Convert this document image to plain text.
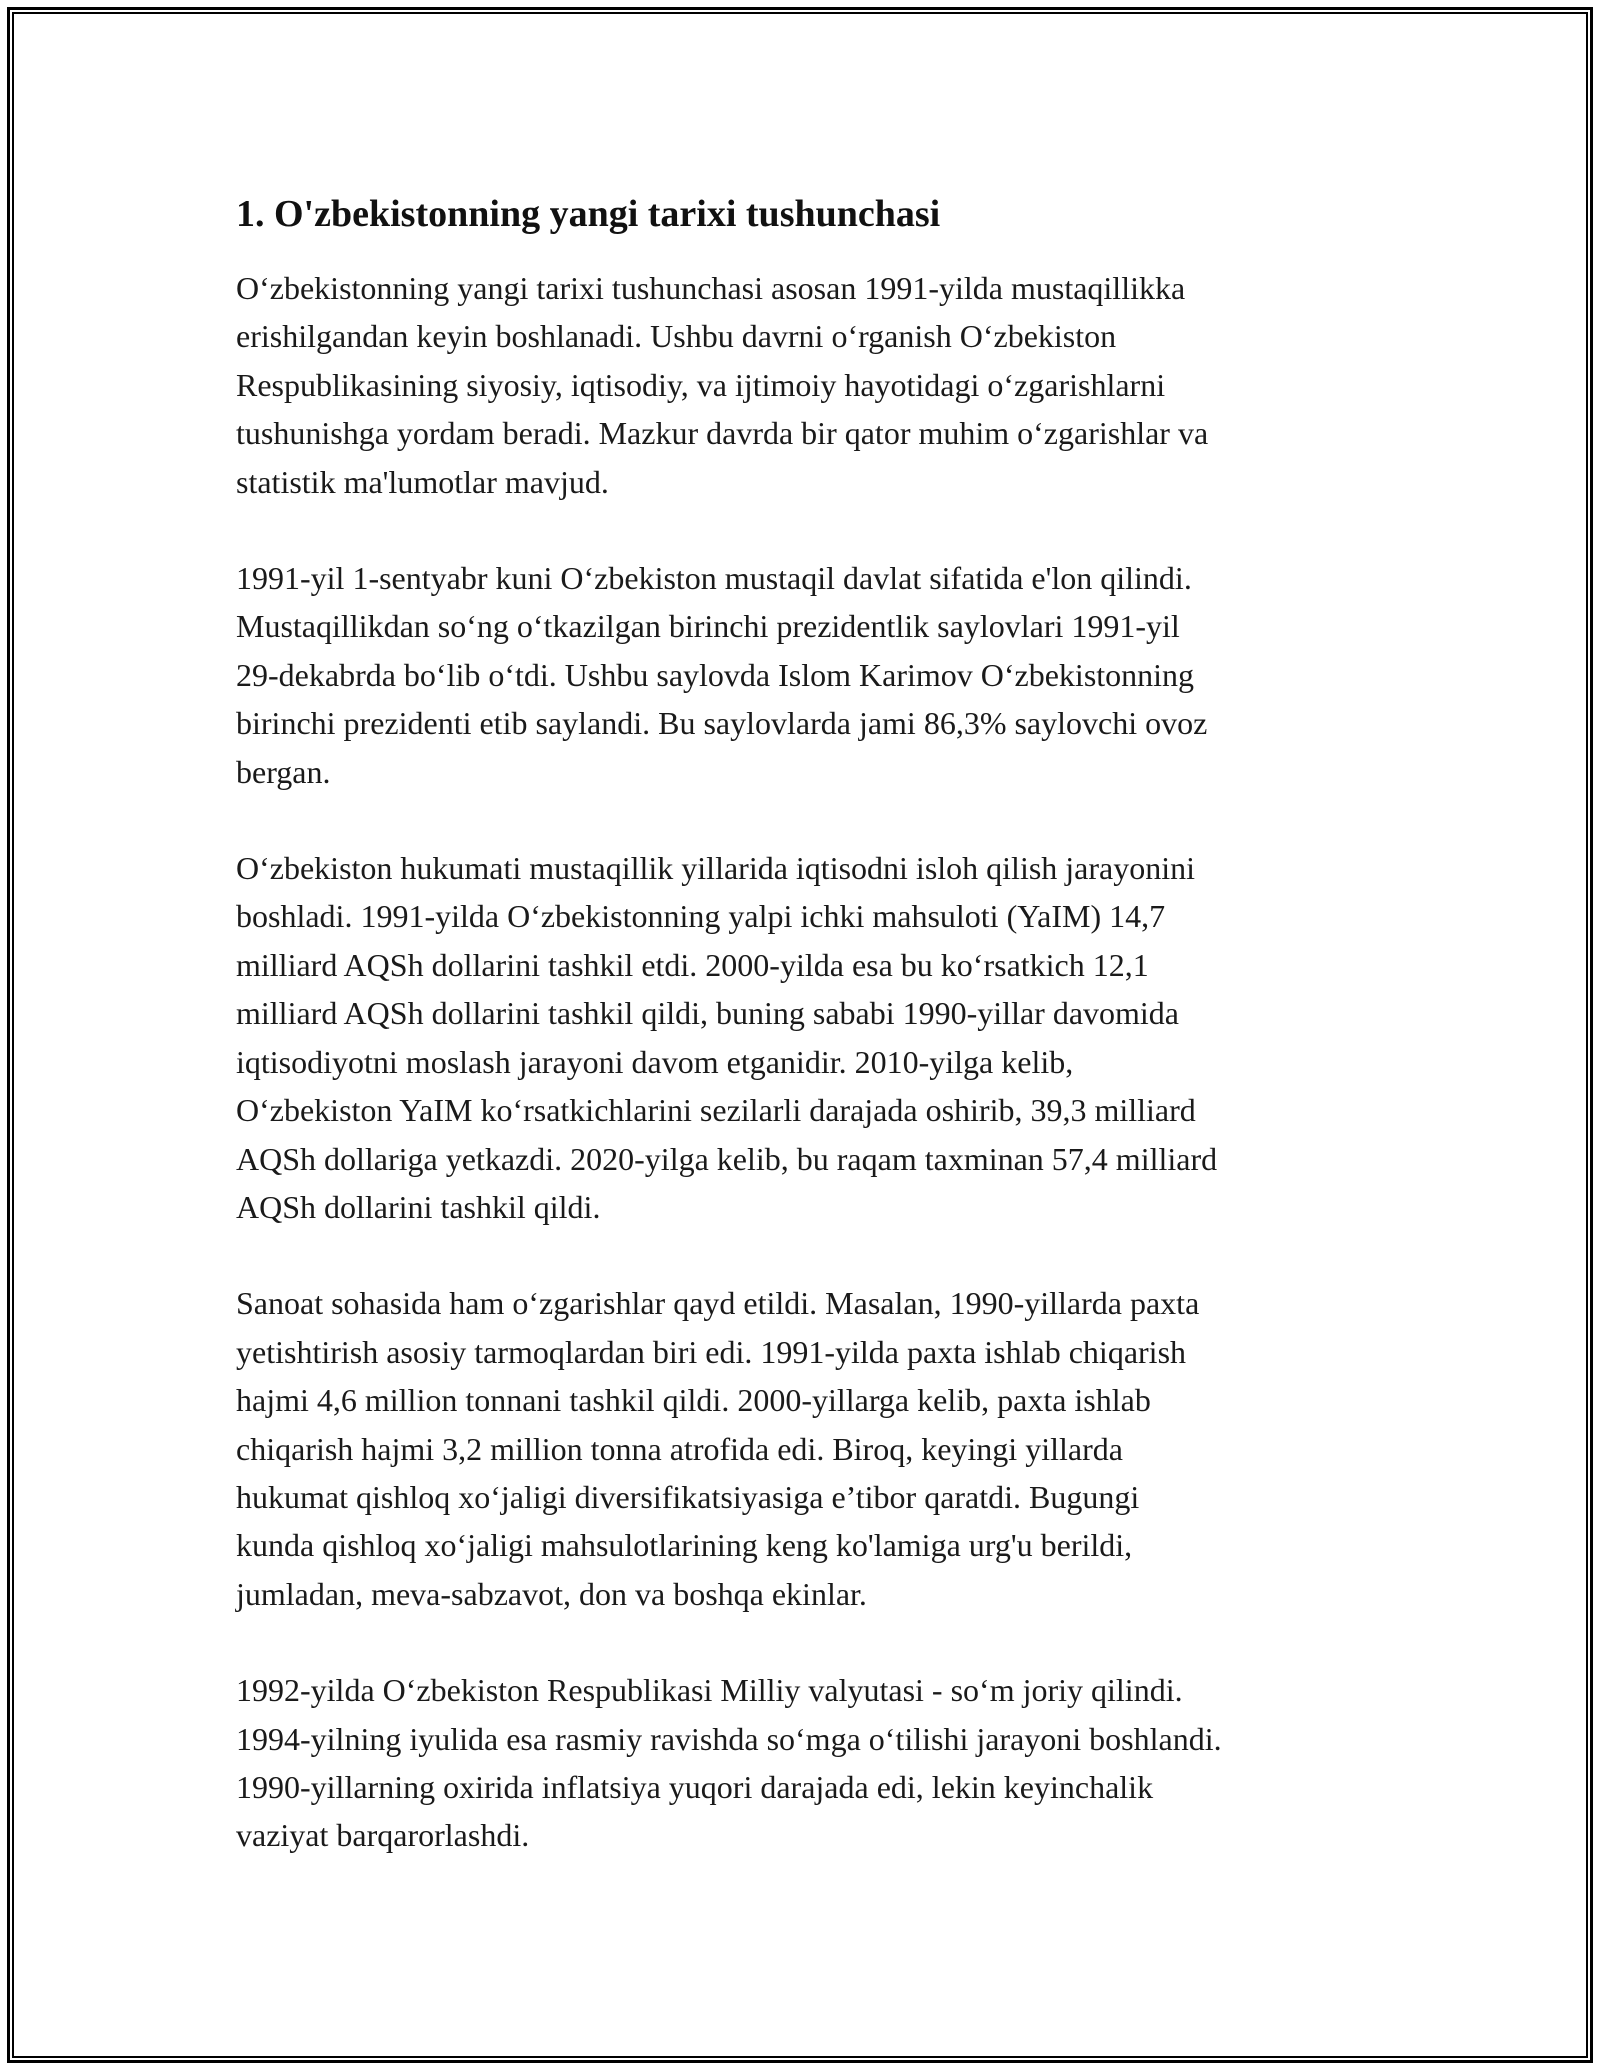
1. O'zbekistonning yangi tarixi tushunchasi
O‘zbekistonning yangi tarixi tushunchasi asosan 1991-yilda mustaqillikka
erishilgandan keyin boshlanadi. Ushbu davrni o‘rganish O‘zbekiston
Respublikasining siyosiy, iqtisodiy, va ijtimoiy hayotidagi o‘zgarishlarni
tushunishga yordam beradi. Mazkur davrda bir qator muhim o‘zgarishlar va
statistik ma'lumotlar mavjud.
1991-yil 1-sentyabr kuni O‘zbekiston mustaqil davlat sifatida e'lon qilindi.
Mustaqillikdan so‘ng o‘tkazilgan birinchi prezidentlik saylovlari 1991-yil
29-dekabrda bo‘lib o‘tdi. Ushbu saylovda Islom Karimov O‘zbekistonning
birinchi prezidenti etib saylandi. Bu saylovlarda jami 86,3% saylovchi ovoz
bergan.
O‘zbekiston hukumati mustaqillik yillarida iqtisodni isloh qilish jarayonini
boshladi. 1991-yilda O‘zbekistonning yalpi ichki mahsuloti (YaIM) 14,7
milliard AQSh dollarini tashkil etdi. 2000-yilda esa bu ko‘rsatkich 12,1
milliard AQSh dollarini tashkil qildi, buning sababi 1990-yillar davomida
iqtisodiyotni moslash jarayoni davom etganidir. 2010-yilga kelib,
O‘zbekiston YaIM ko‘rsatkichlarini sezilarli darajada oshirib, 39,3 milliard
AQSh dollariga yetkazdi. 2020-yilga kelib, bu raqam taxminan 57,4 milliard
AQSh dollarini tashkil qildi.
Sanoat sohasida ham o‘zgarishlar qayd etildi. Masalan, 1990-yillarda paxta
yetishtirish asosiy tarmoqlardan biri edi. 1991-yilda paxta ishlab chiqarish
hajmi 4,6 million tonnani tashkil qildi. 2000-yillarga kelib, paxta ishlab
chiqarish hajmi 3,2 million tonna atrofida edi. Biroq, keyingi yillarda
hukumat qishloq xo‘jaligi diversifikatsiyasiga e’tibor qaratdi. Bugungi
kunda qishloq xo‘jaligi mahsulotlarining keng ko'lamiga urg'u berildi,
jumladan, meva-sabzavot, don va boshqa ekinlar.
1992-yilda O‘zbekiston Respublikasi Milliy valyutasi - so‘m joriy qilindi.
1994-yilning iyulida esa rasmiy ravishda so‘mga o‘tilishi jarayoni boshlandi.
1990-yillarning oxirida inflatsiya yuqori darajada edi, lekin keyinchalik
vaziyat barqarorlashdi.
